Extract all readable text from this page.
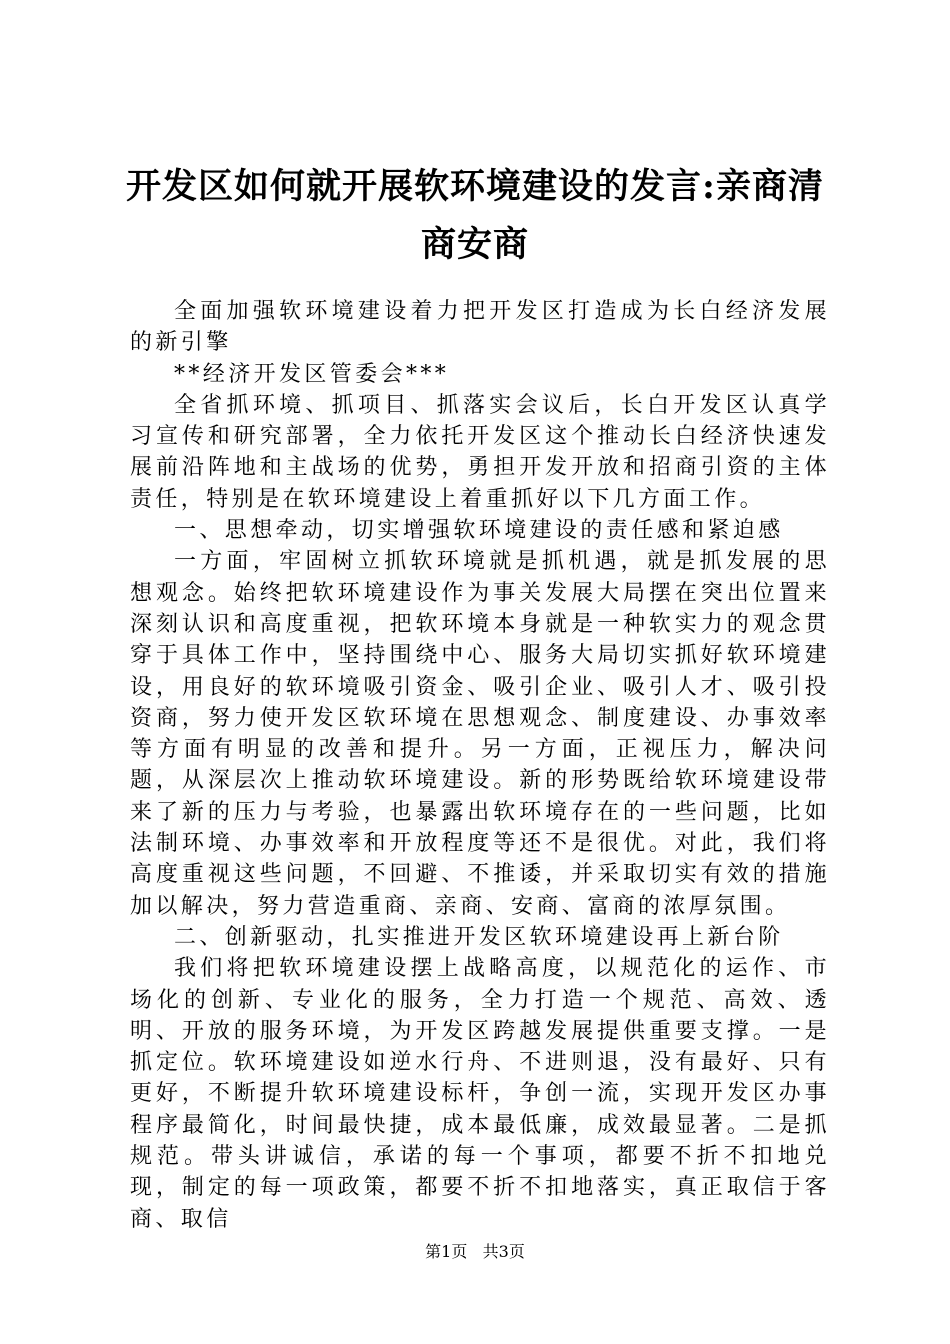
开发区如何就开展软环境建设的发言:亲商清商安商

全面加强软环境建设着力把开发区打造成为长白经济发展的新引擎

**经济开发区管委会***

全省抓环境、抓项目、抓落实会议后，长白开发区认真学习宣传和研究部署，全力依托开发区这个推动长白经济快速发展前沿阵地和主战场的优势，勇担开发开放和招商引资的主体责任，特别是在软环境建设上着重抓好以下几方面工作。

一、思想牵动，切实增强软环境建设的责任感和紧迫感

一方面，牢固树立抓软环境就是抓机遇，就是抓发展的思想观念。始终把软环境建设作为事关发展大局摆在突出位置来深刻认识和高度重视，把软环境本身就是一种软实力的观念贯穿于具体工作中，坚持围绕中心、服务大局切实抓好软环境建设，用良好的软环境吸引资金、吸引企业、吸引人才、吸引投资商，努力使开发区软环境在思想观念、制度建设、办事效率等方面有明显的改善和提升。另一方面，正视压力，解决问题，从深层次上推动软环境建设。新的形势既给软环境建设带来了新的压力与考验，也暴露出软环境存在的一些问题，比如法制环境、办事效率和开放程度等还不是很优。对此，我们将高度重视这些问题，不回避、不推诿，并采取切实有效的措施加以解决，努力营造重商、亲商、安商、富商的浓厚氛围。

二、创新驱动，扎实推进开发区软环境建设再上新台阶

我们将把软环境建设摆上战略高度，以规范化的运作、市场化的创新、专业化的服务，全力打造一个规范、高效、透明、开放的服务环境，为开发区跨越发展提供重要支撑。一是抓定位。软环境建设如逆水行舟、不进则退，没有最好、只有更好，不断提升软环境建设标杆，争创一流，实现开发区办事程序最简化，时间最快捷，成本最低廉，成效最显著。二是抓规范。带头讲诚信，承诺的每一个事项，都要不折不扣地兑现，制定的每一项政策，都要不折不扣地落实，真正取信于客商、取信

第1页 共3页
